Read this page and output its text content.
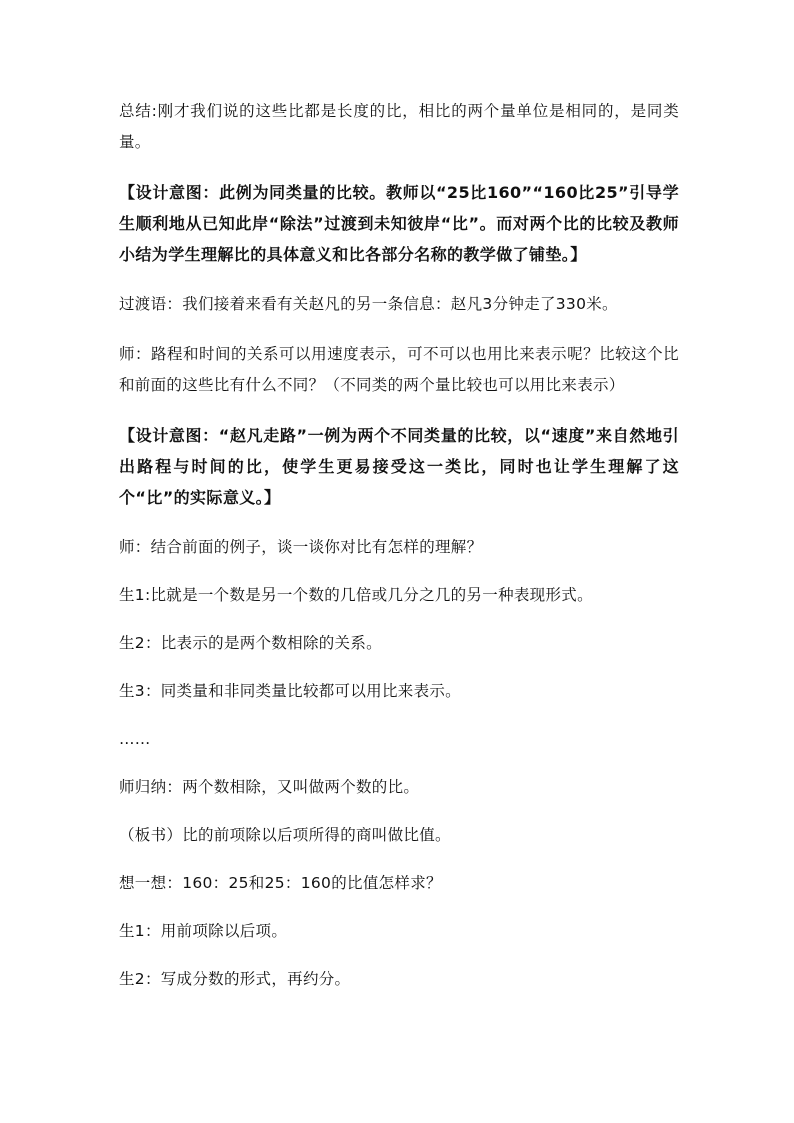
总结:刚才我们说的这些比都是长度的比，相比的两个量单位是相同的，是同类量。

【设计意图：此例为同类量的比较。教师以“25比160”“160比25”引导学生顺利地从已知此岸“除法”过渡到未知彼岸“比”。而对两个比的比较及教师小结为学生理解比的具体意义和比各部分名称的教学做了铺垫。】

过渡语：我们接着来看有关赵凡的另一条信息：赵凡3分钟走了330米。

师：路程和时间的关系可以用速度表示，可不可以也用比来表示呢？比较这个比和前面的这些比有什么不同？（不同类的两个量比较也可以用比来表示）

【设计意图：“赵凡走路”一例为两个不同类量的比较，以“速度”来自然地引出路程与时间的比，使学生更易接受这一类比，同时也让学生理解了这个“比”的实际意义。】

师：结合前面的例子，谈一谈你对比有怎样的理解？

生1:比就是一个数是另一个数的几倍或几分之几的另一种表现形式。

生2：比表示的是两个数相除的关系。

生3：同类量和非同类量比较都可以用比来表示。

……

师归纳：两个数相除，又叫做两个数的比。

（板书）比的前项除以后项所得的商叫做比值。

想一想：160：25和25：160的比值怎样求？

生1：用前项除以后项。

生2：写成分数的形式，再约分。
